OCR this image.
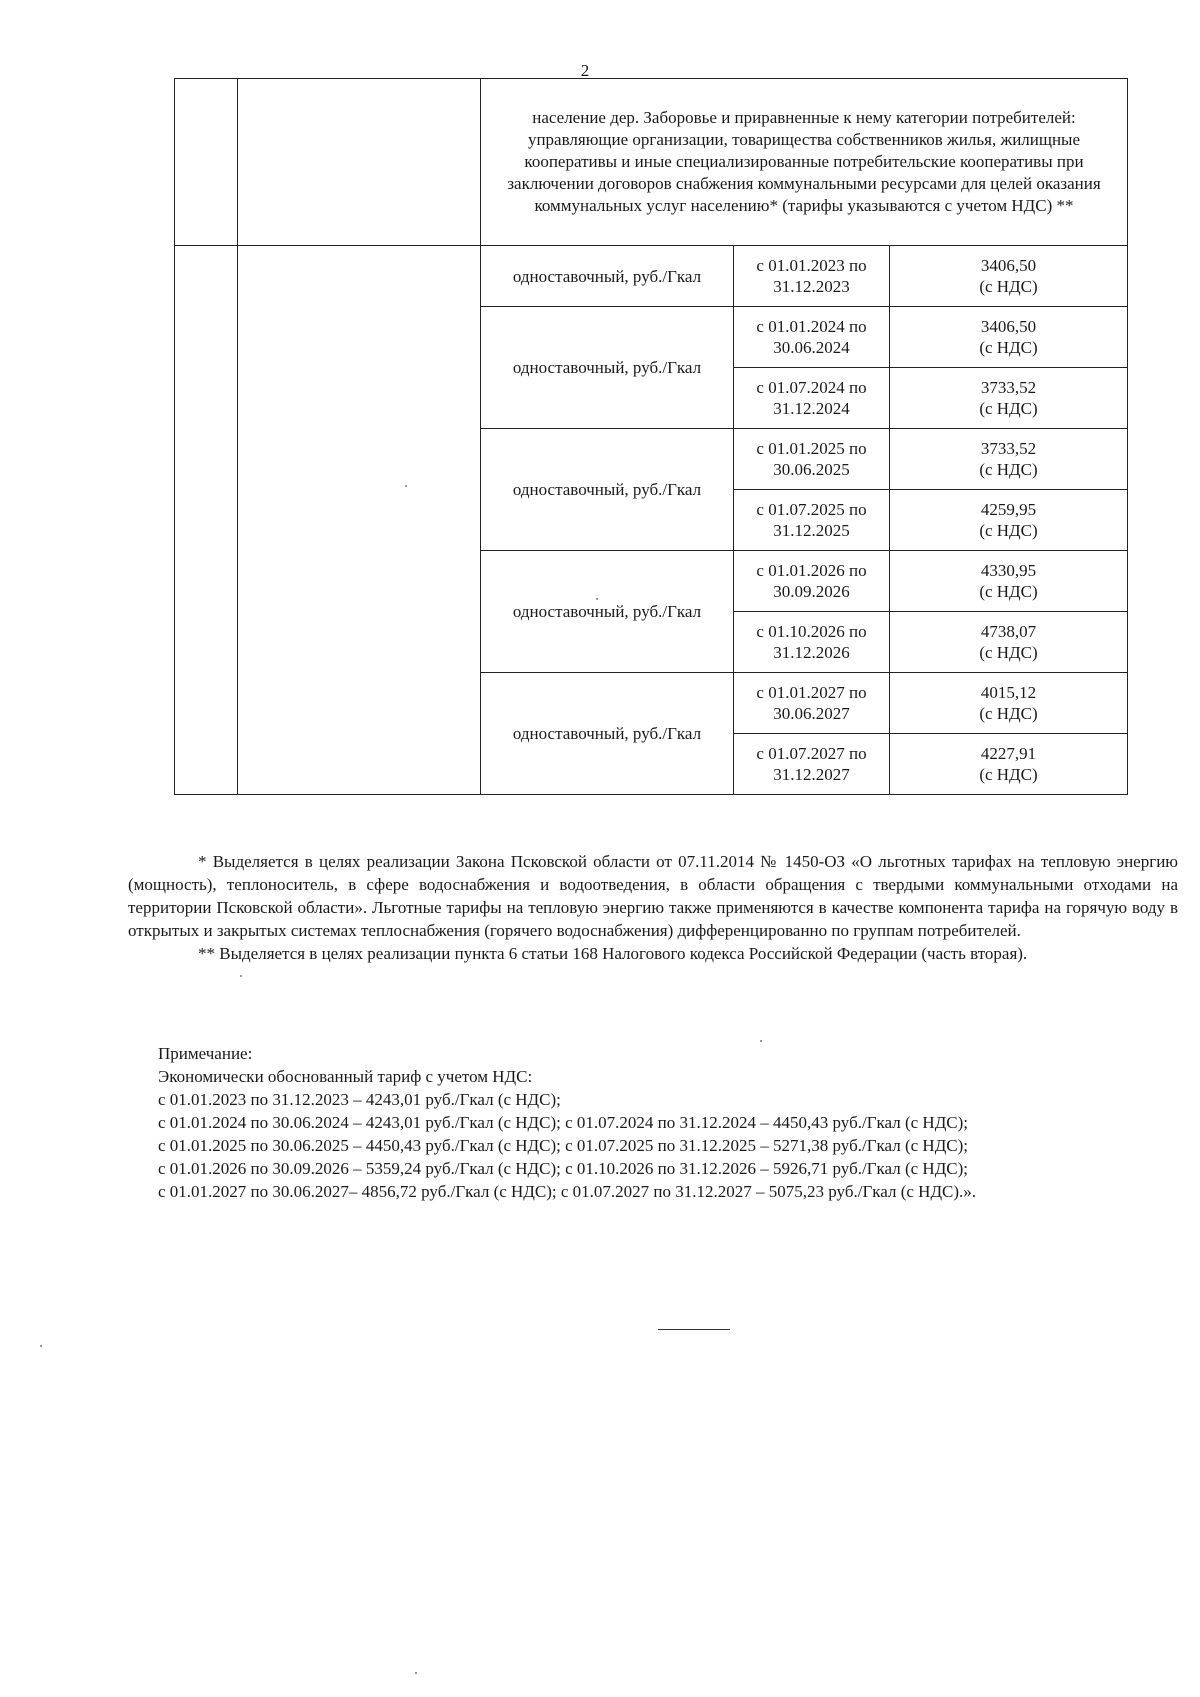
2
		население дер. Заборовье и приравненные к нему категории потребителей: управляющие организации, товарищества собственников жилья, жилищные кооперативы и иные специализированные потребительские кооперативы при заключении договоров снабжения коммунальными ресурсами для целей оказания коммунальных услуг населению* (тарифы указываются с учетом НДС) **		
		одноставочный, руб./Гкал	с 01.01.2023 по 31.12.2023	3406,50
(с НДС)

		одноставочный, руб./Гкал	с 01.01.2024 по 30.06.2024	3406,50
(с НДС)

			с 01.07.2024 по 31.12.2024	3733,52
(с НДС)

		одноставочный, руб./Гкал	с 01.01.2025 по 30.06.2025	3733,52
(с НДС)

			с 01.07.2025 по 31.12.2025	4259,95
(с НДС)

		одноставочный, руб./Гкал	с 01.01.2026 по 30.09.2026	4330,95
(с НДС)

			с 01.10.2026 по 31.12.2026	4738,07
(с НДС)

		одноставочный, руб./Гкал	с 01.01.2027 по 30.06.2027	4015,12
(с НДС)

			с 01.07.2027 по 31.12.2027	4227,91
(с НДС)

* Выделяется в целях реализации Закона Псковской области от 07.11.2014 № 1450-ОЗ «О льготных тарифах на тепловую энергию (мощность), теплоноситель, в сфере водоснабжения и водоотведения, в области обращения с твердыми коммунальными отходами на территории Псковской области». Льготные тарифы на тепловую энергию также применяются в качестве компонента тарифа на горячую воду в открытых и закрытых системах теплоснабжения (горячего водоснабжения) дифференцированно по группам потребителей.

** Выделяется в целях реализации пункта 6 статьи 168 Налогового кодекса Российской Федерации (часть вторая).

Примечание:

Экономически обоснованный тариф с учетом НДС:

с 01.01.2023 по 31.12.2023 – 4243,01 руб./Гкал (с НДС);

с 01.01.2024 по 30.06.2024 – 4243,01 руб./Гкал (с НДС); с 01.07.2024 по 31.12.2024 – 4450,43 руб./Гкал (с НДС);

с 01.01.2025 по 30.06.2025 – 4450,43 руб./Гкал (с НДС); с 01.07.2025 по 31.12.2025 – 5271,38 руб./Гкал (с НДС);

с 01.01.2026 по 30.09.2026 – 5359,24 руб./Гкал (с НДС); с 01.10.2026 по 31.12.2026 – 5926,71 руб./Гкал (с НДС);

с 01.01.2027 по 30.06.2027– 4856,72 руб./Гкал (с НДС); с 01.07.2027 по 31.12.2027 – 5075,23 руб./Гкал (с НДС).».
